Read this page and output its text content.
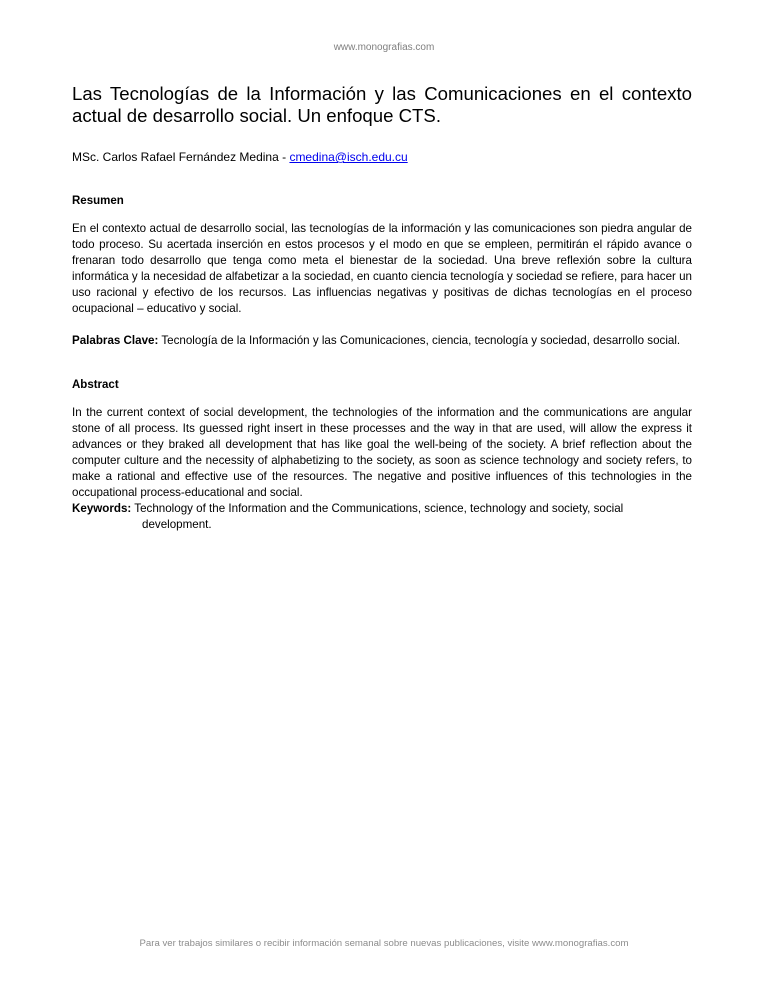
www.monografias.com
Las Tecnologías de la Información y las Comunicaciones en el contexto actual de desarrollo social. Un enfoque CTS.
MSc. Carlos Rafael Fernández Medina - cmedina@isch.edu.cu
Resumen

En el contexto actual de desarrollo social, las tecnologías de la información y las comunicaciones son piedra angular de todo proceso. Su acertada inserción en estos procesos y el modo en que se empleen, permitirán el rápido avance o frenaran todo desarrollo que tenga como meta el bienestar de la sociedad. Una breve reflexión sobre la cultura informática y la necesidad de alfabetizar a la sociedad, en cuanto ciencia tecnología y sociedad se refiere, para hacer un uso racional y efectivo de los recursos. Las influencias negativas y positivas de dichas tecnologías en el proceso ocupacional – educativo y social.

Palabras Clave: Tecnología de la Información y las Comunicaciones, ciencia, tecnología y sociedad, desarrollo social.

Abstract

In the current context of social development, the technologies of the information and the communications are angular stone of all process. Its guessed right insert in these processes and the way in that are used, will allow the express it advances or they braked all development that has like goal the well-being of the society. A brief reflection about the computer culture and the necessity of alphabetizing to the society, as soon as science technology and society refers, to make a rational and effective use of the resources. The negative and positive influences of this technologies in the occupational process-educational and social.

Keywords: Technology of the Information and the Communications, science, technology and society, social development.

Para ver trabajos similares o recibir información semanal sobre nuevas publicaciones, visite www.monografias.com
